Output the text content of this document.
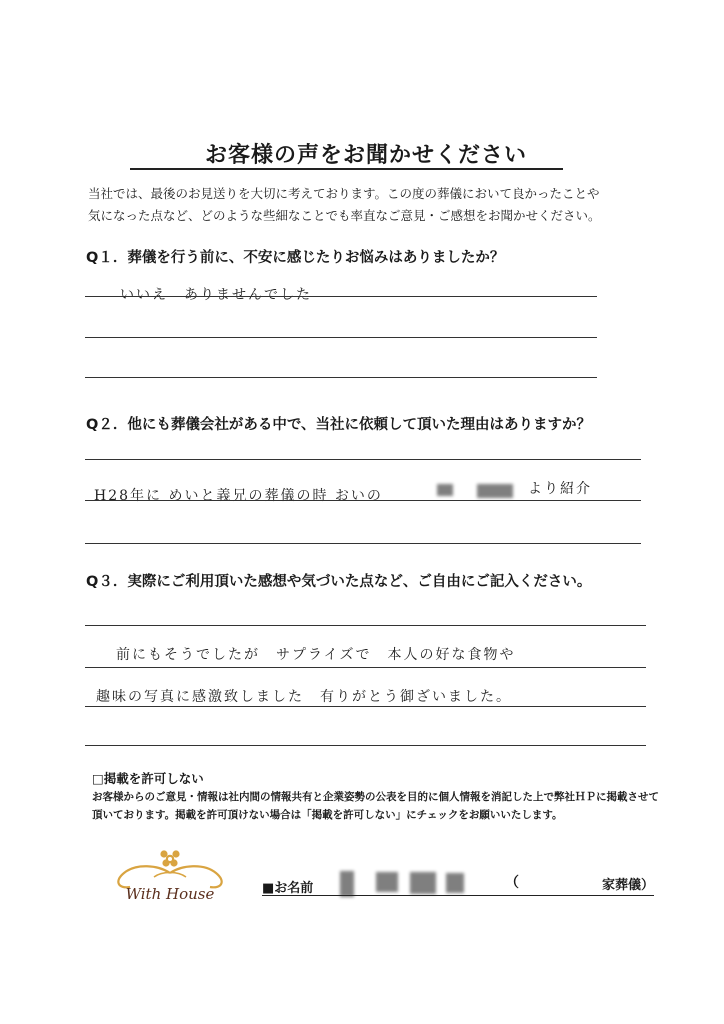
お客様の声をお聞かせください
当社では、最後のお見送りを大切に考えております。この度の葬儀において良かったことや
気になった点など、どのような些細なことでも率直なご意見・ご感想をお聞かせください。
Q１．葬儀を行う前に、不安に感じたりお悩みはありましたか？
いいえ　ありませんでした
Q２．他にも葬儀会社がある中で、当社に依頼して頂いた理由はありますか？
H28年に めいと義兄の葬儀の時 おいの	より紹介
Q３．実際にご利用頂いた感想や気づいた点など、ご自由にご記入ください。
前にもそうでしたが　サプライズで　本人の好な食物や
趣味の写真に感激致しました　有りがとう御ざいました。
□掲載を許可しない
お客様からのご意見・情報は社内間の情報共有と企業姿勢の公表を目的に個人情報を消記した上で弊社ＨＰに掲載させて
頂いております。掲載を許可頂けない場合は「掲載を許可しない」にチェックをお願いいたします。
With House	■お名前	（	家葬儀）
